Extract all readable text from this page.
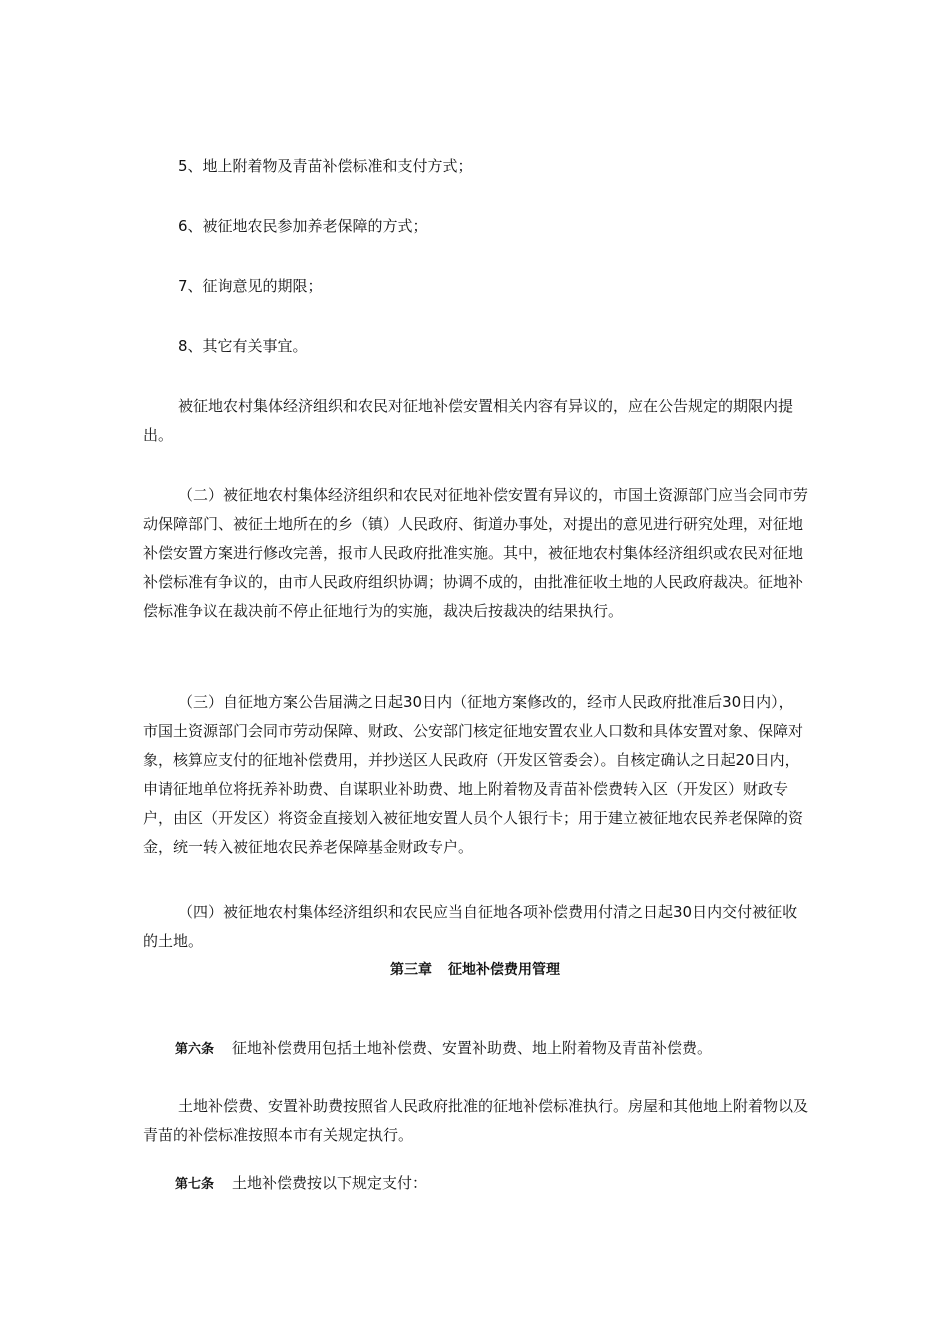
5、地上附着物及青苗补偿标准和支付方式；

6、被征地农民参加养老保障的方式；

7、征询意见的期限；

8、其它有关事宜。

被征地农村集体经济组织和农民对征地补偿安置相关内容有异议的，应在公告规定的期限内提出。

（二）被征地农村集体经济组织和农民对征地补偿安置有异议的，市国土资源部门应当会同市劳动保障部门、被征土地所在的乡（镇）人民政府、街道办事处，对提出的意见进行研究处理，对征地补偿安置方案进行修改完善，报市人民政府批准实施。其中，被征地农村集体经济组织或农民对征地补偿标准有争议的，由市人民政府组织协调；协调不成的，由批准征收土地的人民政府裁决。征地补偿标准争议在裁决前不停止征地行为的实施，裁决后按裁决的结果执行。

（三）自征地方案公告届满之日起30日内（征地方案修改的，经市人民政府批准后30日内），市国土资源部门会同市劳动保障、财政、公安部门核定征地安置农业人口数和具体安置对象、保障对象，核算应支付的征地补偿费用，并抄送区人民政府（开发区管委会）。自核定确认之日起20日内，申请征地单位将抚养补助费、自谋职业补助费、地上附着物及青苗补偿费转入区（开发区）财政专户，由区（开发区）将资金直接划入被征地安置人员个人银行卡；用于建立被征地农民养老保障的资金，统一转入被征地农民养老保障基金财政专户。

（四）被征地农村集体经济组织和农民应当自征地各项补偿费用付清之日起30日内交付被征收的土地。

第三章 征地补偿费用管理

第六条 征地补偿费用包括土地补偿费、安置补助费、地上附着物及青苗补偿费。

土地补偿费、安置补助费按照省人民政府批准的征地补偿标准执行。房屋和其他地上附着物以及青苗的补偿标准按照本市有关规定执行。

第七条 土地补偿费按以下规定支付：
